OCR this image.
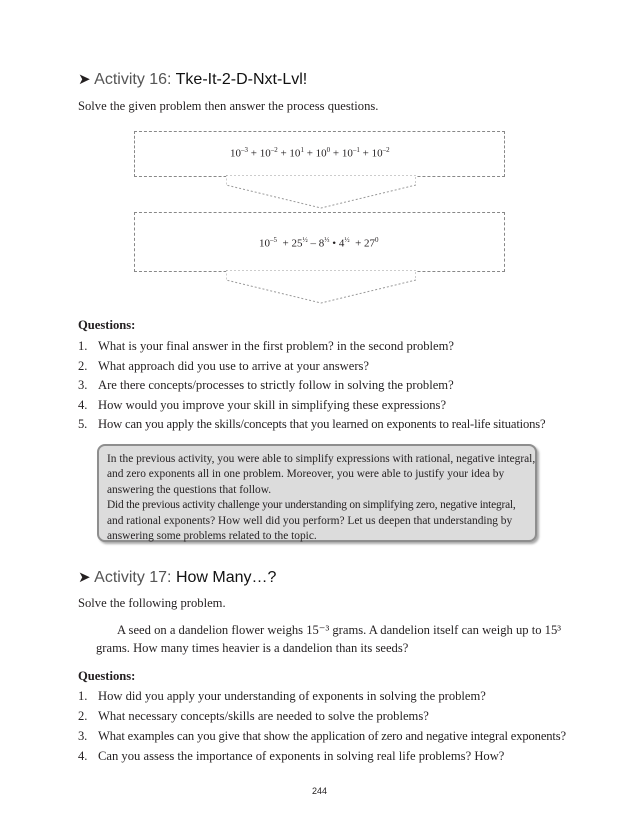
➤ Activity 16: Tke-It-2-D-Nxt-Lvl!
Solve the given problem then answer the process questions.
$10^{-3} + 10^{-2} + 10^1 + 10^0 + 10^{-1} + 10^{-2}$
$10^{-5} + 25^{\frac{1}{2}} - 8^{\frac{1}{3}}$ • $4^{\frac{1}{2}} + 27^0$
Questions:
1. What is your final answer in the first problem? in the second problem?
2. What approach did you use to arrive at your answers?
3. Are there concepts/processes to strictly follow in solving the problem?
4. How would you improve your skill in simplifying these expressions?
5. How can you apply the skills/concepts that you learned on exponents to real-life situations?
In the previous activity, you were able to simplify expressions with rational, negative integral,
and zero exponents all in one problem. Moreover, you were able to justify your idea by
answering the questions that follow.
Did the previous activity challenge your understanding on simplifying zero, negative integral,
and rational exponents? How well did you perform? Let us deepen that understanding by
answering some problems related to the topic.
➤ Activity 17: How Many…?
Solve the following problem.
A seed on a dandelion flower weighs 15⁻³ grams. A dandelion itself can weigh up to 15³
grams. How many times heavier is a dandelion than its seeds?
Questions:
1. How did you apply your understanding of exponents in solving the problem?
2. What necessary concepts/skills are needed to solve the problems?
3. What examples can you give that show the application of zero and negative integral exponents?
4. Can you assess the importance of exponents in solving real life problems? How?
244
